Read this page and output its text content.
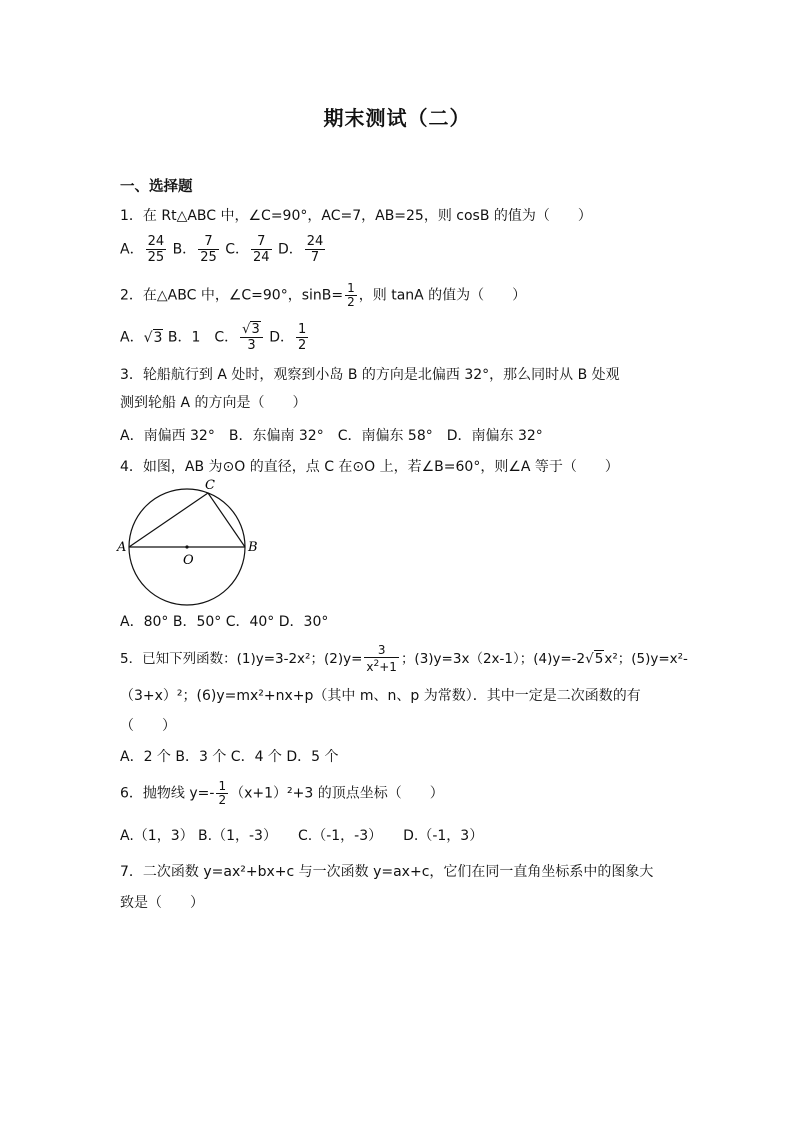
期末测试（二）
一、选择题
1．在 Rt△ABC 中，∠C=90°，AC=7，AB=25，则 cosB 的值为（　　）
A． $\frac{24}{25}$ B． $\frac{7}{25}$ C． $\frac{7}{24}$ D． $\frac{24}{7}$
2．在△ABC 中，∠C=90°，$\sin B= \frac{1}{2}$ ，则 tanA 的值为（　　）
A．√3 B．1　C． $\frac{√3}{3}$ D． $\frac{1}{2}$
3．轮船航行到 A 处时，观察到小岛 B 的方向是北偏西 32°，那么同时从 B 处观
测到轮船 A 的方向是（　　）
A．南偏西 32°　B．东偏南 32°　C．南偏东 58°　D．南偏东 32°
4．如图，AB 为⊙O 的直径，点 C 在⊙O 上，若∠B=60°，则∠A 等于（　　）
A	B
C
O
A．80° B．50° C．40° D．30°
5．已知下列函数：(1)y=3-2x²；$(2)y= \frac{3}{x^2+1}$ ；(3)y=3x（2x-1）；(4)y=-2√5x²；(5)y=x²-
（3+x）²；(6)y=mx²+nx+p（其中 m、n、p 为常数）．其中一定是二次函数的有
（　　）
A．2 个 B．3 个 C．4 个 D．5 个
6．抛物线 $y=- \frac{1}{2} (x+1)^2+3$ 的顶点坐标（　　）
A.（1，3） B.（1，-3）　　C.（-1，-3）　　D.（-1，3）
7．二次函数 y=ax²+bx+c 与一次函数 y=ax+c，它们在同一直角坐标系中的图象大
致是（　　）
